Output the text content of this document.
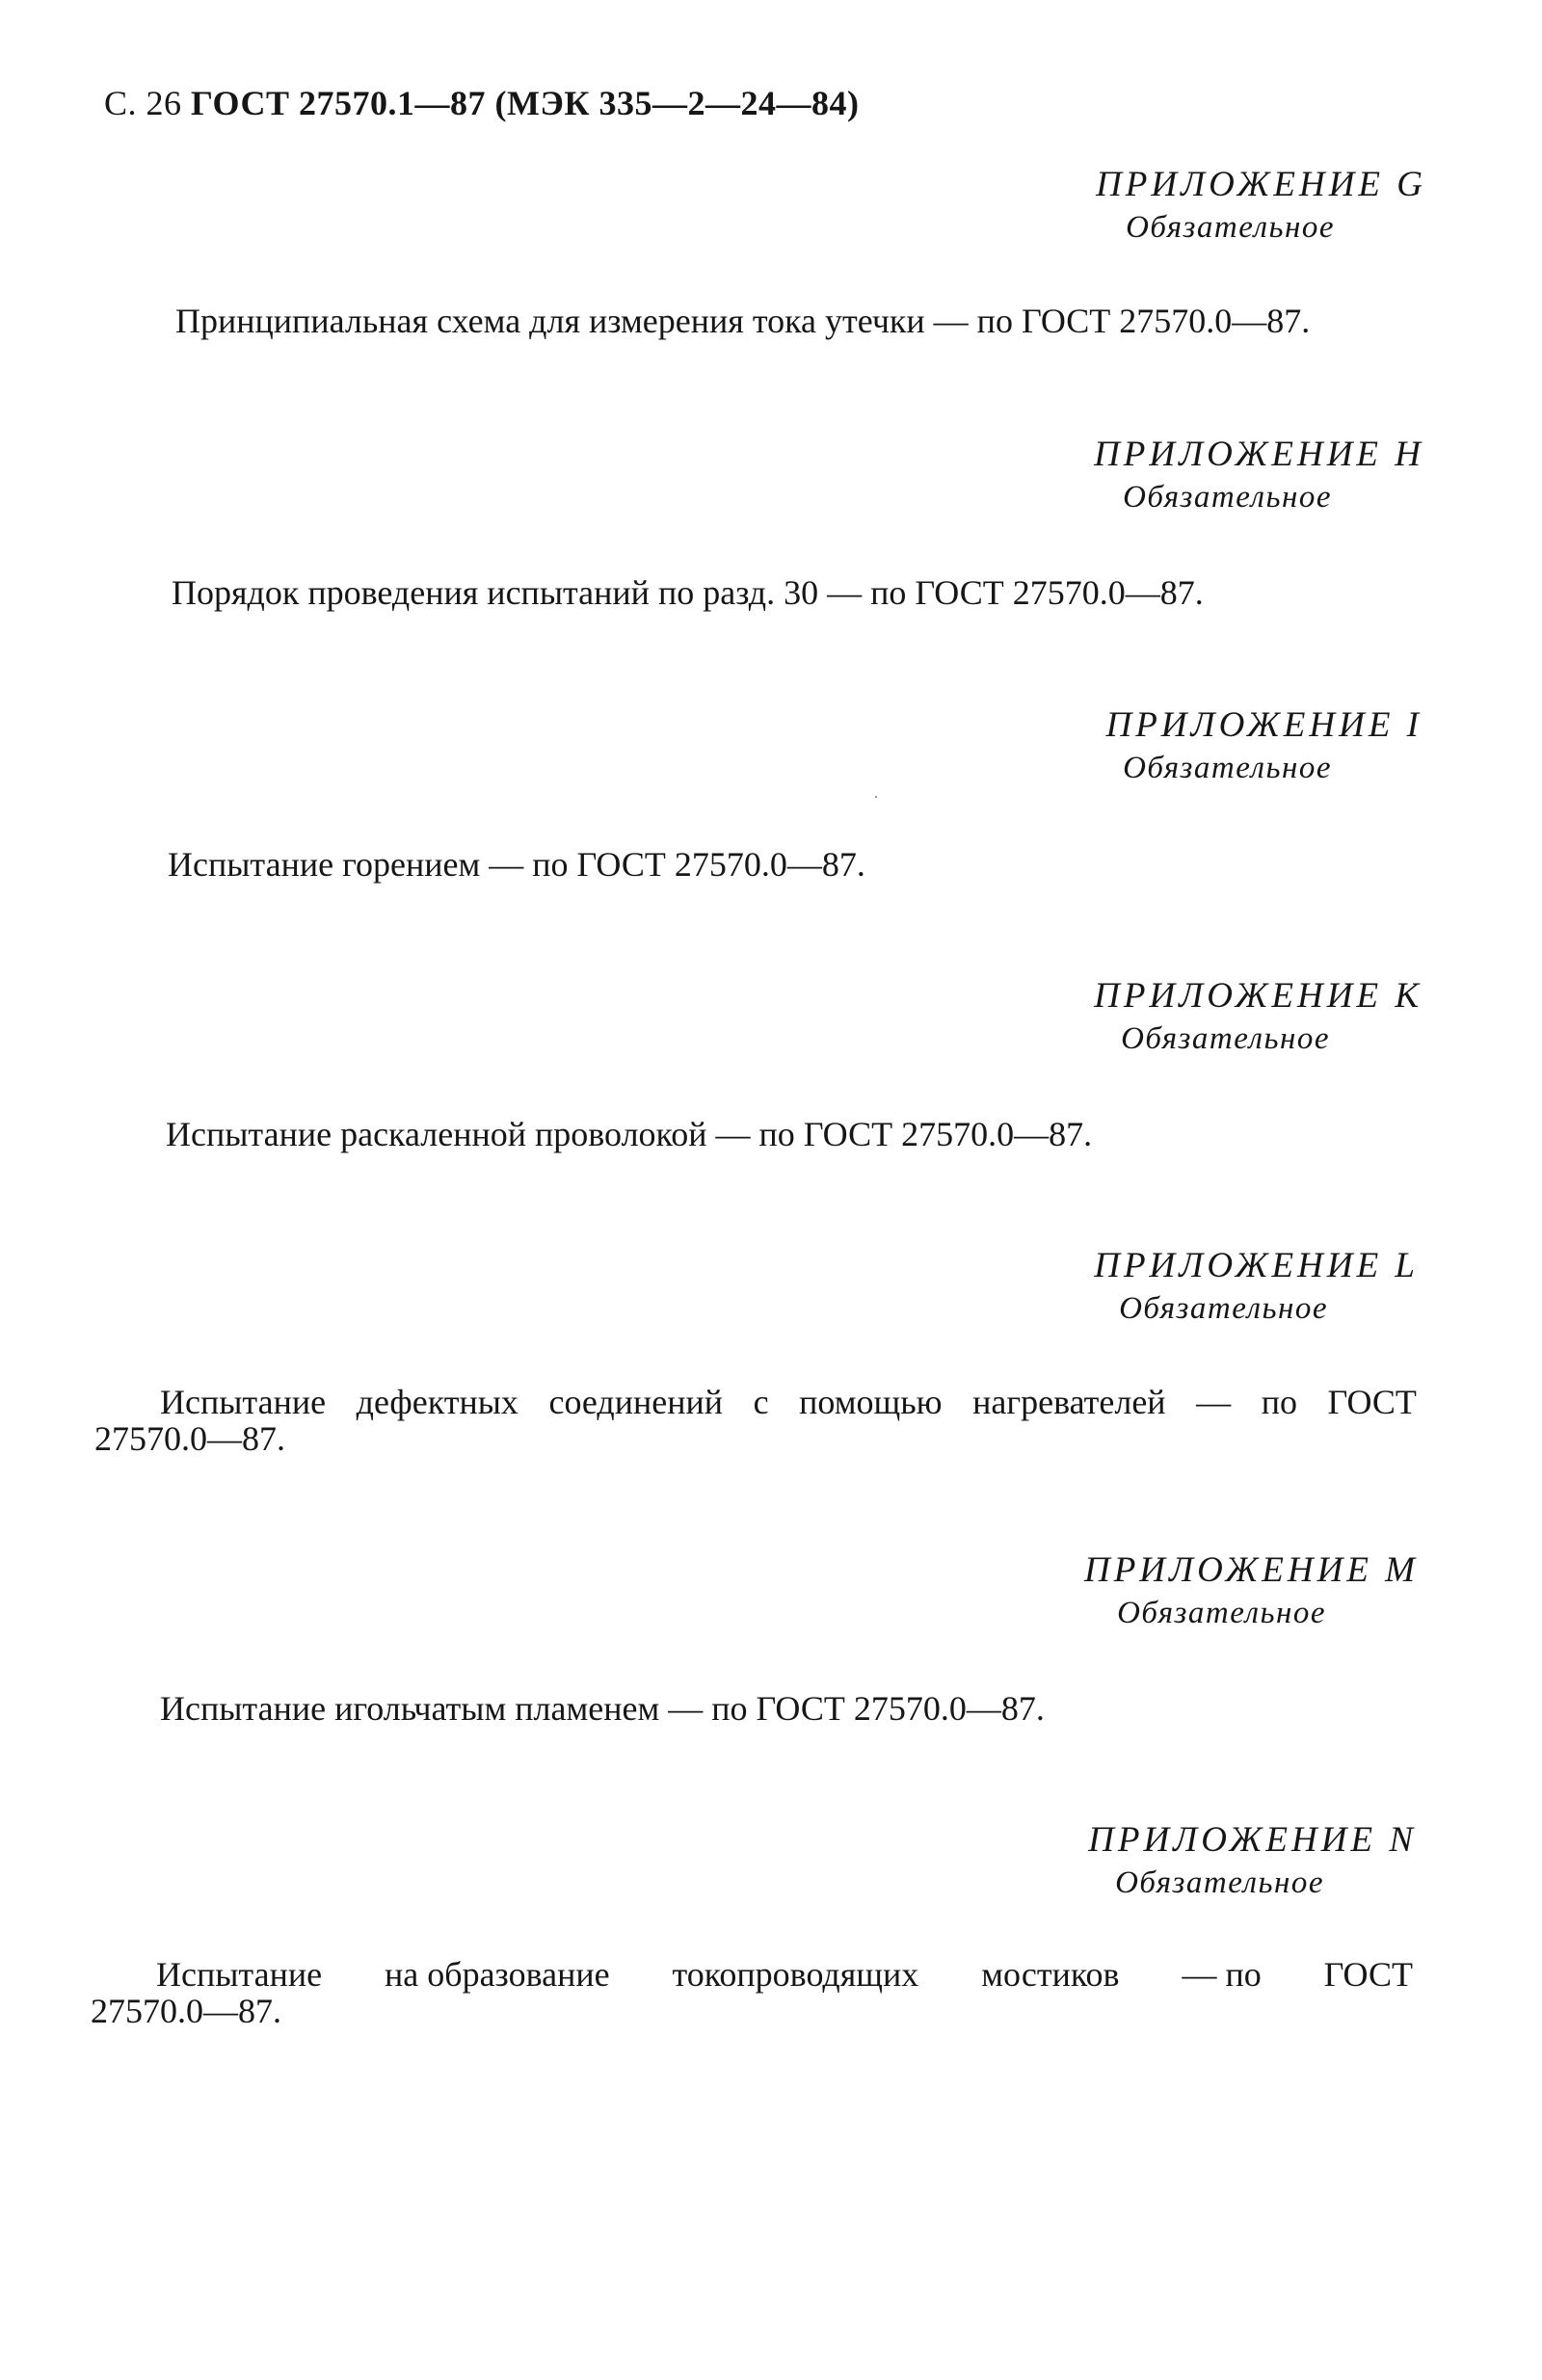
С. 26 ГОСТ 27570.1—87 (МЭК 335—2—24—84)
ПРИЛОЖЕНИЕ G
Обязательное
Принципиальная схема для измерения тока утечки — по ГОСТ 27570.0—87.
ПРИЛОЖЕНИЕ H
Обязательное
Порядок проведения испытаний по разд. 30 — по ГОСТ 27570.0—87.
ПРИЛОЖЕНИЕ I
Обязательное
Испытание горением — по ГОСТ 27570.0—87.
ПРИЛОЖЕНИЕ K
Обязательное
Испытание раскаленной проволокой — по ГОСТ 27570.0—87.
ПРИЛОЖЕНИЕ L
Обязательное
Испытание дефектных соединений с помощью нагревателей — по ГОСТ
27570.0—87.
ПРИЛОЖЕНИЕ M
Обязательное
Испытание игольчатым пламенем — по ГОСТ 27570.0—87.
ПРИЛОЖЕНИЕ N
Обязательное
Испытание на образование токопроводящих мостиков — по ГОСТ
27570.0—87.
